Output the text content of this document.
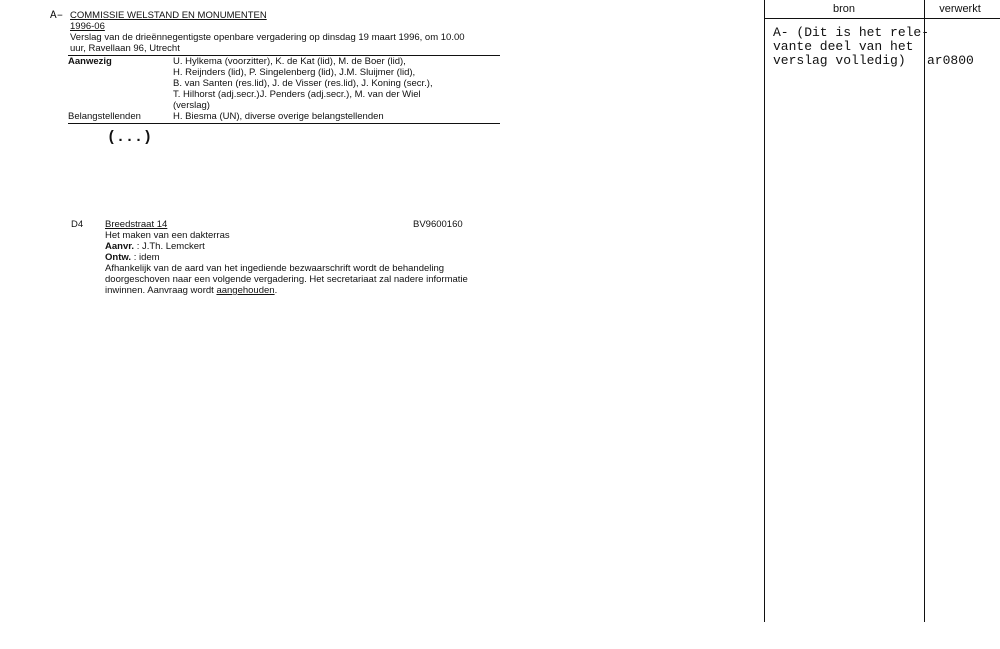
A– COMMISSIE WELSTAND EN MONUMENTEN
1996-06
Verslag van de drieënnegentigste openbare vergadering op dinsdag 19 maart 1996, om 10.00
uur, Ravellaan 96, Utrecht
Aanwezig	U. Hylkema (voorzitter), K. de Kat (lid), M. de Boer (lid),
H. Reijnders (lid), P. Singelenberg (lid), J.M. Sluijmer (lid),
B. van Santen (res.lid), J. de Visser (res.lid), J. Koning (secr.),
T. Hilhorst (adj.secr.)J. Penders (adj.secr.), M. van der Wiel
(verslag)
Belangstellenden	H. Biesma (UN), diverse overige belangstellenden
(...)
D4 Breedstraat 14	BV9600160
Het maken van een dakterras
Aanvr. : J.Th. Lemckert
Ontw. : idem
Afhankelijk van de aard van het ingediende bezwaarschrift wordt de behandeling
doorgeschoven naar een volgende vergadering. Het secretariaat zal nadere informatie
inwinnen. Aanvraag wordt aangehouden.
bron	verwerkt
A- (Dit is het rele-
vante deel van het
verslag volledig) ar0800
